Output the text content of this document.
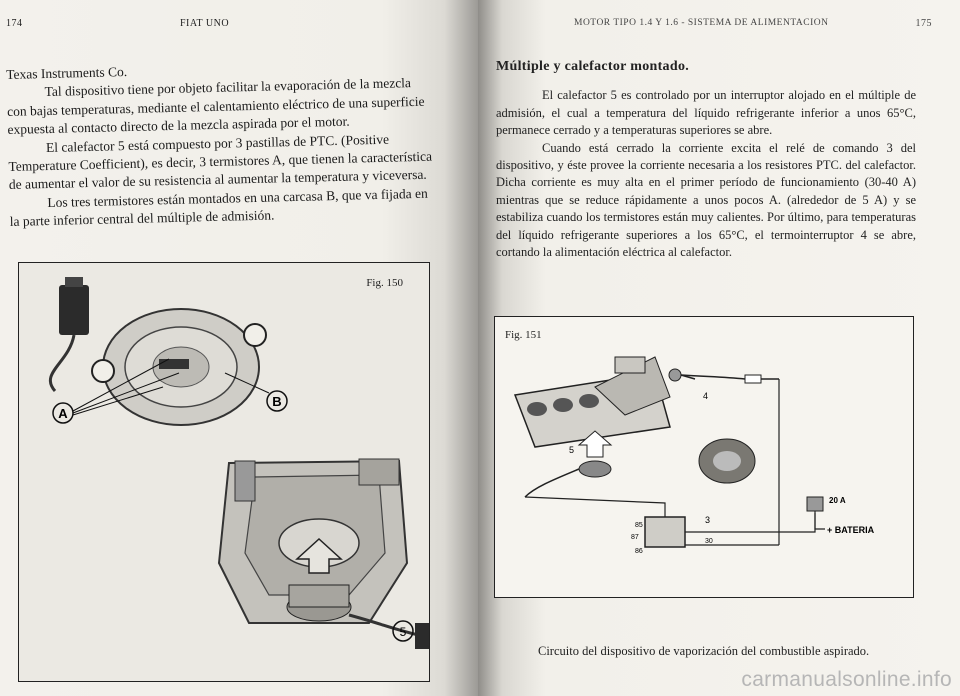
174	FIAT UNO

Texas Instruments Co.

Tal dispositivo tiene por objeto facilitar la evaporación de la mezcla con bajas temperaturas, mediante el calentamiento eléctrico de una superficie expuesta al contacto directo de la mezcla aspirada por el motor.

El calefactor 5 está compuesto por 3 pastillas de PTC. (Positive Temperature Coefficient), es decir, 3 termistores A, que tienen la característica de aumentar el valor de su resistencia al aumentar la temperatura y viceversa.

Los tres termistores están montados en una carcasa B, que va fijada en la parte inferior central del múltiple de admisión.

A
B
5
Fig. 150
MOTOR TIPO 1.4 Y 1.6 - SISTEMA DE ALIMENTACION	175
Múltiple y calefactor montado.

El calefactor 5 es controlado por un interruptor alojado en el múltiple de admisión, el cual a temperatura del líquido refrigerante inferior a unos 65°C, permanece cerrado y a temperaturas superiores se abre.

Cuando está cerrado la corriente excita el relé de comando 3 del dispositivo, y éste provee la corriente necesaria a los resistores PTC. del calefactor. Dicha corriente es muy alta en el primer período de funcionamiento (30-40 A) mientras que se reduce rápidamente a unos pocos A. (alrededor de 5 A) y se estabiliza cuando los termistores están muy calientes. Por último, para temperaturas del líquido refrigerante superiores a los 65°C, el termointerruptor 4 se abre, cortando la alimentación eléctrica al calefactor.

Fig. 151
4
5
85
87
86
30
3
20 A
+ BATERIA
Circuito del dispositivo de vaporización del combustible aspirado.
carmanualsonline.info
